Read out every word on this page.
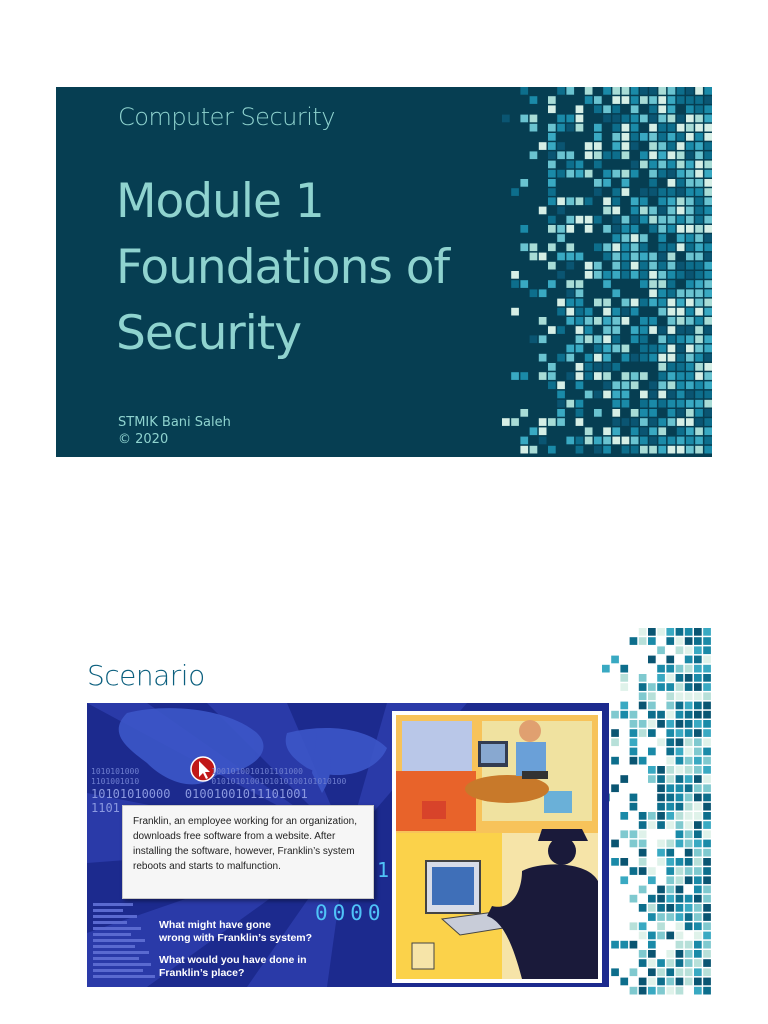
Computer Security
Module 1
Foundations of
Security
STMIK Bani Saleh
© 2020
Scenario
1010101000               1001010010101101000
1101001010               0101010100101010100101010100
10101010000  01001001011101001
1101

Franklin, an employee working for an organization, downloads free software from a website. After installing the software, however, Franklin’s system reboots and starts to malfunction.

0000
1
What might have gone
wrong with Franklin’s system?
What would you have done in
Franklin’s place?
